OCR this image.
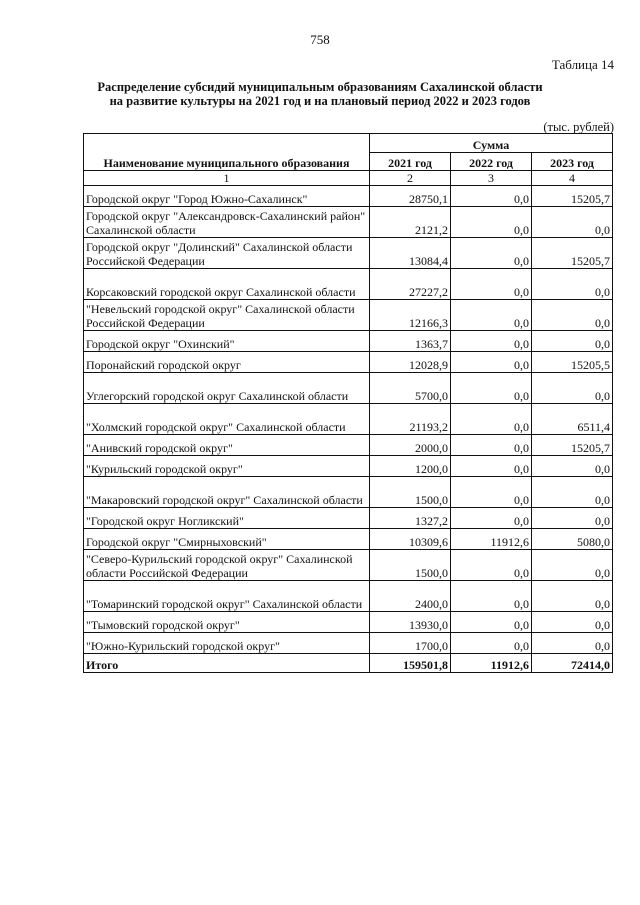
758
Таблица 14
Распределение субсидий муниципальным образованиям Сахалинской области
на развитие культуры на 2021 год и на плановый период 2022 и 2023 годов
(тыс. рублей)
Наименование муниципального образования	Сумма		
	2021 год	2022 год	2023 год
1	2	3	4
Городской округ "Город Южно-Сахалинск"	28750,1	0,0	15205,7
Городской округ "Александровск-Сахалинский район" Сахалинской области	2121,2	0,0	0,0
Городской округ "Долинский" Сахалинской области Российской Федерации	13084,4	0,0	15205,7
Корсаковский городской округ Сахалинской области	27227,2	0,0	0,0
"Невельский городской округ" Сахалинской области Российской Федерации	12166,3	0,0	0,0
Городской округ "Охинский"	1363,7	0,0	0,0
Поронайский городской округ	12028,9	0,0	15205,5
Углегорский городской округ Сахалинской области	5700,0	0,0	0,0
"Холмский городской округ" Сахалинской области	21193,2	0,0	6511,4
"Анивский городской округ"	2000,0	0,0	15205,7
"Курильский городской округ"	1200,0	0,0	0,0
"Макаровский городской округ" Сахалинской области	1500,0	0,0	0,0
"Городской округ Ногликский"	1327,2	0,0	0,0
Городской округ "Смирныховский"	10309,6	11912,6	5080,0
"Северо-Курильский городской округ" Сахалинской области Российской Федерации	1500,0	0,0	0,0
"Томаринский городской округ" Сахалинской области	2400,0	0,0	0,0
"Тымовский городской округ"	13930,0	0,0	0,0
"Южно-Курильский городской округ"	1700,0	0,0	0,0
Итого	159501,8	11912,6	72414,0
